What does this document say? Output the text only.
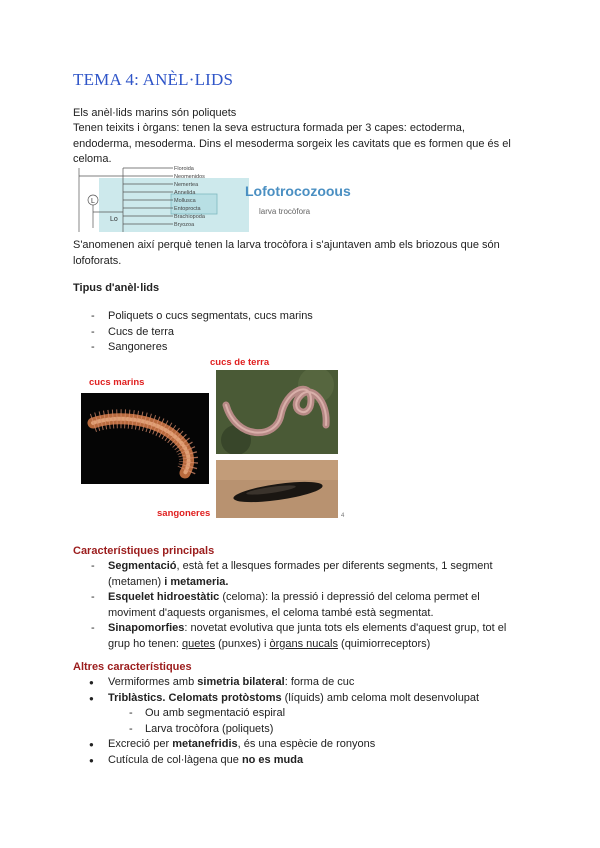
TEMA 4: ANÈL·LIDS

Els anèl·lids marins són poliquets

Tenen teixits i òrgans: tenen la seva estructura formada per 3 capes: ectoderma, endoderma, mesoderma. Dins el mesoderma sorgeix les cavitats que es formen que és el celoma.

L
Lo
Floroida
Neomenidos
Nemertea
Annelida
Mollusca
Entoprocta
Brachiopoda
Bryozoa
Lofotrocozoous
larva trocòfora

S'anomenen així perquè tenen la larva trocòfora i s'ajuntaven amb els briozous que són lofoforats.

Tipus d'anèl·lids

- Poliquets o cucs segmentats, cucs marins
- Cucs de terra
- Sangoneres
cucs de terra
cucs marins
sangoneres	4

Característiques principals

- Segmentació, està fet a llesques formades per diferents segments, 1 segment (metamen) i metameria.
- Esquelet hidroestàtic (celoma): la pressió i depressió del celoma permet el moviment d'aquests organismes, el celoma també està segmentat.
- Sinapomorfies: novetat evolutiva que junta tots els elements d'aquest grup, tot el grup ho tenen: quetes (punxes) i òrgans nucals (quimiorreceptors)

Altres característiques

● Vermiformes amb simetria bilateral: forma de cuc
● Triblàstics. Celomats protòstoms (líquids) amb celoma molt desenvolupat
- Ou amb segmentació espiral
- Larva trocòfora (poliquets)
● Excreció per metanefridis, és una espècie de ronyons
● Cutícula de col·làgena que no es muda
